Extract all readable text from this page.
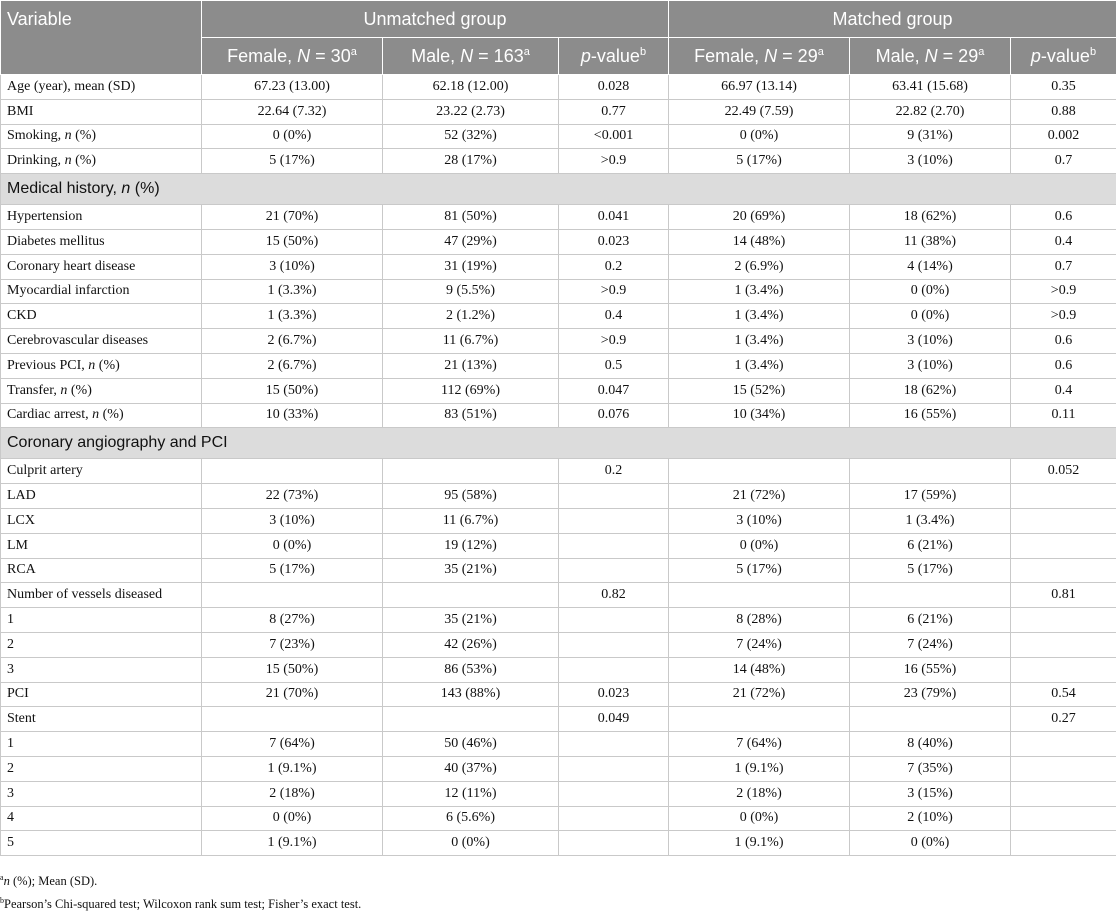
Variable	Unmatched group			Matched group		
	Female, $N = 30^a$	Male, $N = 163^a$	p-value$^b$	Female, $N = 29^a$	Male, $N = 29^a$	p-value$^b$
Age (year), mean (SD)	67.23 (13.00)	62.18 (12.00)	0.028	66.97 (13.14)	63.41 (15.68)	0.35
BMI	22.64 (7.32)	23.22 (2.73)	0.77	22.49 (7.59)	22.82 (2.70)	0.88
Smoking, n (%)	0 (0%)	52 (32%)	<0.001	0 (0%)	9 (31%)	0.002
Drinking, n (%)	5 (17%)	28 (17%)	>0.9	5 (17%)	3 (10%)	0.7
Medical history, n (%)						
Hypertension	21 (70%)	81 (50%)	0.041	20 (69%)	18 (62%)	0.6
Diabetes mellitus	15 (50%)	47 (29%)	0.023	14 (48%)	11 (38%)	0.4
Coronary heart disease	3 (10%)	31 (19%)	0.2	2 (6.9%)	4 (14%)	0.7
Myocardial infarction	1 (3.3%)	9 (5.5%)	>0.9	1 (3.4%)	0 (0%)	>0.9
CKD	1 (3.3%)	2 (1.2%)	0.4	1 (3.4%)	0 (0%)	>0.9
Cerebrovascular diseases	2 (6.7%)	11 (6.7%)	>0.9	1 (3.4%)	3 (10%)	0.6
Previous PCI, n (%)	2 (6.7%)	21 (13%)	0.5	1 (3.4%)	3 (10%)	0.6
Transfer, n (%)	15 (50%)	112 (69%)	0.047	15 (52%)	18 (62%)	0.4
Cardiac arrest, n (%)	10 (33%)	83 (51%)	0.076	10 (34%)	16 (55%)	0.11
Coronary angiography and PCI						
Culprit artery			0.2			0.052
LAD	22 (73%)	95 (58%)		21 (72%)	17 (59%)	
LCX	3 (10%)	11 (6.7%)		3 (10%)	1 (3.4%)	
LM	0 (0%)	19 (12%)		0 (0%)	6 (21%)	
RCA	5 (17%)	35 (21%)		5 (17%)	5 (17%)	
Number of vessels diseased			0.82			0.81
1	8 (27%)	35 (21%)		8 (28%)	6 (21%)	
2	7 (23%)	42 (26%)		7 (24%)	7 (24%)	
3	15 (50%)	86 (53%)		14 (48%)	16 (55%)	
PCI	21 (70%)	143 (88%)	0.023	21 (72%)	23 (79%)	0.54
Stent			0.049			0.27
1	7 (64%)	50 (46%)		7 (64%)	8 (40%)	
2	1 (9.1%)	40 (37%)		1 (9.1%)	7 (35%)	
3	2 (18%)	12 (11%)		2 (18%)	3 (15%)	
4	0 (0%)	6 (5.6%)		0 (0%)	2 (10%)	
5	1 (9.1%)	0 (0%)		1 (9.1%)	0 (0%)	
$^a$n (%); Mean (SD).
$^b$Pearson’s Chi-squared test; Wilcoxon rank sum test; Fisher’s exact test.
